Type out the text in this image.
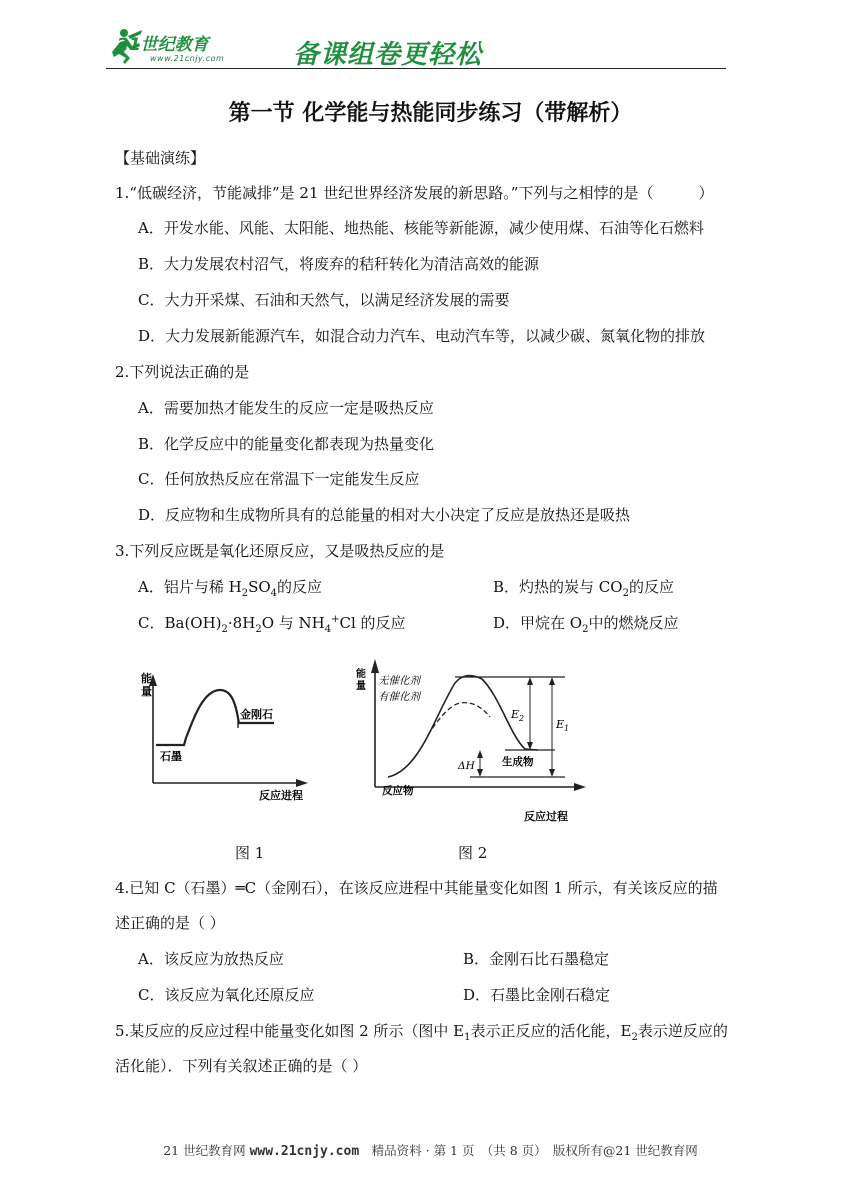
21世纪教育
www.21cnjy.com	备课组卷更轻松
第一节 化学能与热能同步练习（带解析）
【基础演练】
1.“低碳经济，节能减排”是 21 世纪世界经济发展的新思路。”下列与之相悖的是（　　　）
A．开发水能、风能、太阳能、地热能、核能等新能源，减少使用煤、石油等化石燃料
B．大力发展农村沼气，将废弃的秸秆转化为清洁高效的能源
C．大力开采煤、石油和天然气，以满足经济发展的需要
D．大力发展新能源汽车，如混合动力汽车、电动汽车等，以减少碳、氮氧化物的排放
2.下列说法正确的是
A．需要加热才能发生的反应一定是吸热反应
B．化学反应中的能量变化都表现为热量变化
C．任何放热反应在常温下一定能发生反应
D．反应物和生成物所具有的总能量的相对大小决定了反应是放热还是吸热
3.下列反应既是氧化还原反应，又是吸热反应的是
A．铝片与稀 $H_2SO_4$的反应	B．灼热的炭与 $CO_2$的反应
C．$Ba(OH)_2\cdot 8H_2O$ 与 $NH_4^+Cl$ 的反应	D．甲烷在 $O_2$中的燃烧反应
能
量
金刚石
石墨
反应进程
能
量 无催化剂
有催化剂
$E_2$	$E_1$
ΔH	生成物
反应物
反应过程
图 1	图 2
4.已知 C（石墨）═C（金刚石），在该反应进程中其能量变化如图 1 所示，有关该反应的描
述正确的是（ ）
A．该反应为放热反应	B．金刚石比石墨稳定
C．该反应为氧化还原反应	D．石墨比金刚石稳定
5.某反应的反应过程中能量变化如图 2 所示（图中 $E_1$表示正反应的活化能，$E_2$表示逆反应的
活化能）．下列有关叙述正确的是（ ）
21 世纪教育网 www.21cnjy.com　精品资料 · 第 1 页　（共 8 页）　版权所有@21 世纪教育网
